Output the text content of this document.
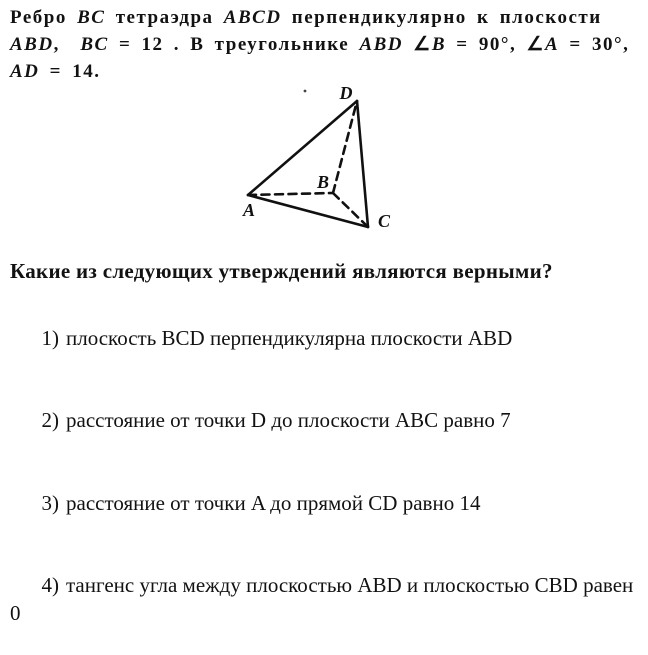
Ребро BC тетраэдра ABCD перпендикулярно к плоскости
ABD,  BC = 12 . В треугольнике ABD ∠B = 90°, ∠A = 30°,
AD = 14.
D
A
B
C
Какие из следующих утверждений являются верными?

1) плоскость BCD перпендикулярна плоскости ABD

2) расстояние от точки D до плоскости ABC равно 7

3) расстояние от точки A до прямой CD равно 14

4) тангенс угла между плоскостью ABD и плоскостью CBD равен 0
